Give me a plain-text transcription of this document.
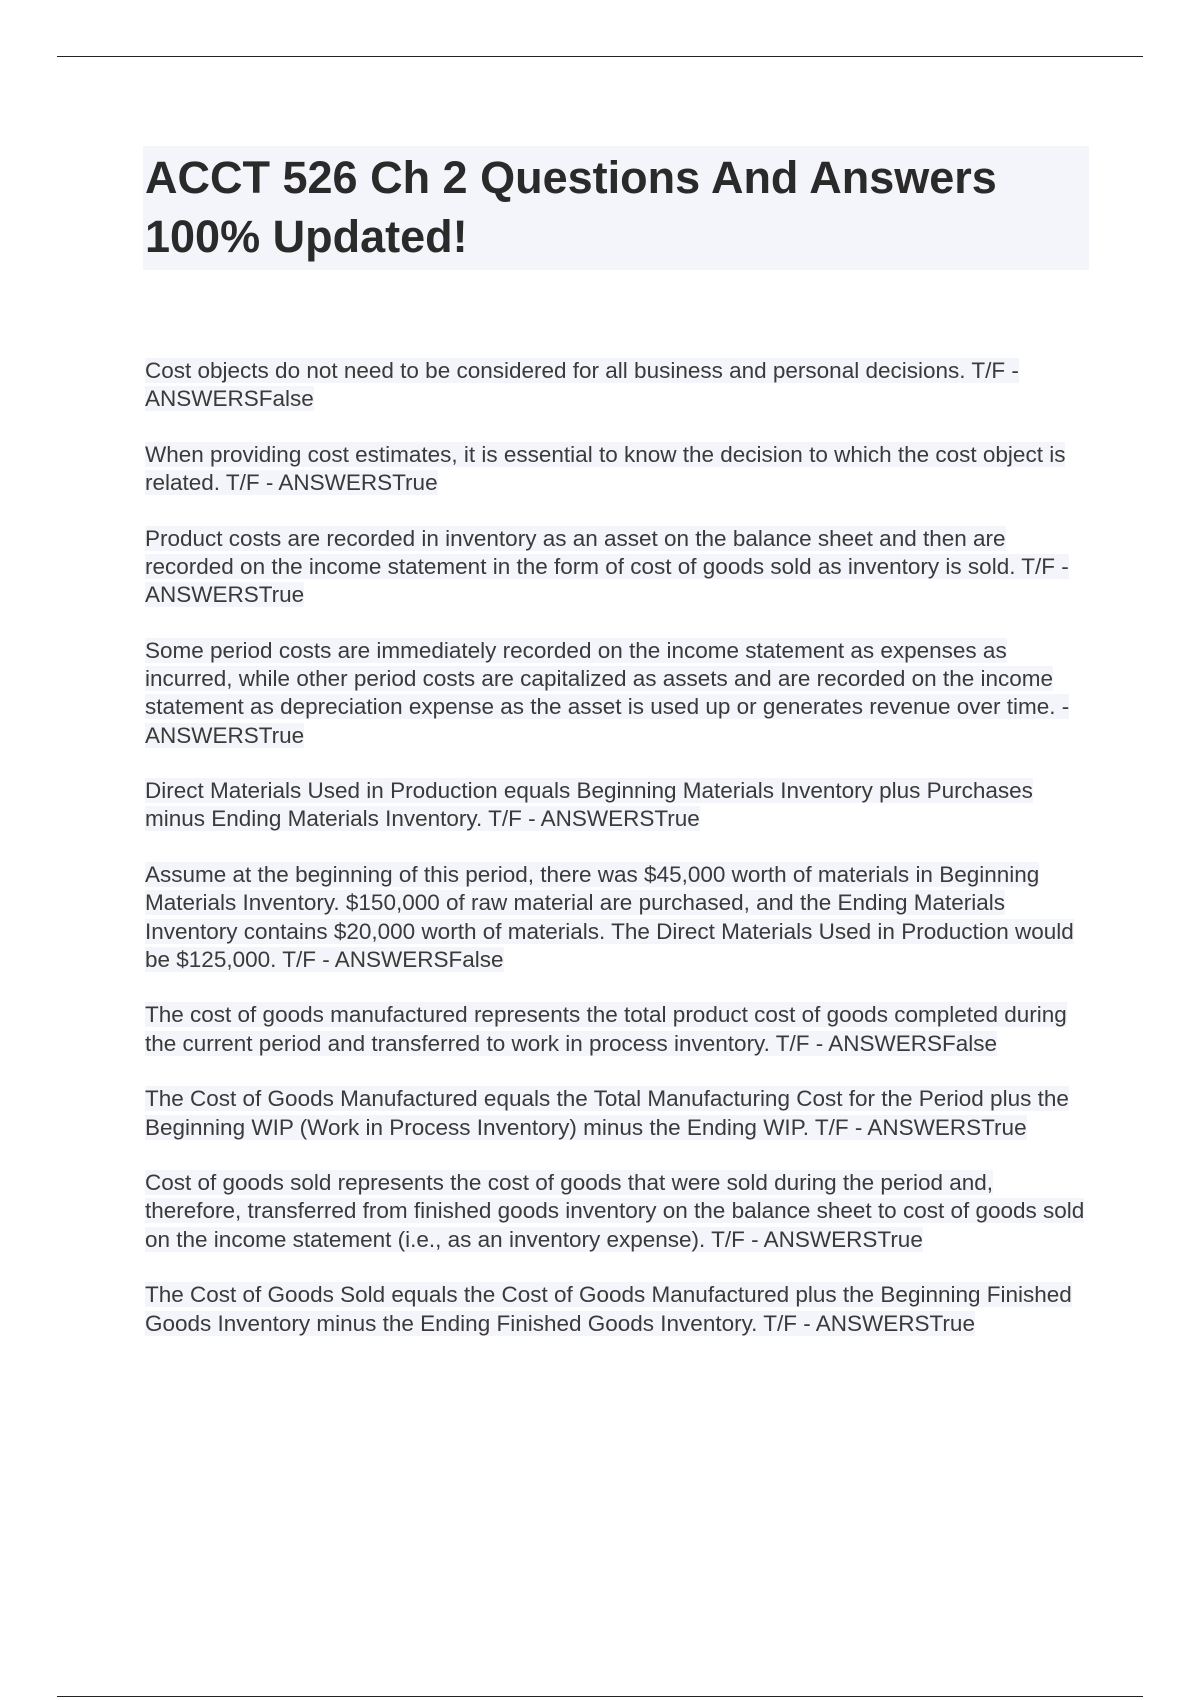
ACCT 526 Ch 2 Questions And Answers 100% Updated!

Cost objects do not need to be considered for all business and personal decisions. T/F - ANSWERSFalse

When providing cost estimates, it is essential to know the decision to which the cost object is related. T/F - ANSWERSTrue

Product costs are recorded in inventory as an asset on the balance sheet and then are recorded on the income statement in the form of cost of goods sold as inventory is sold. T/F - ANSWERSTrue

Some period costs are immediately recorded on the income statement as expenses as incurred, while other period costs are capitalized as assets and are recorded on the income statement as depreciation expense as the asset is used up or generates revenue over time. - ANSWERSTrue

Direct Materials Used in Production equals Beginning Materials Inventory plus Purchases minus Ending Materials Inventory. T/F - ANSWERSTrue

Assume at the beginning of this period, there was $45,000 worth of materials in Beginning Materials Inventory. $150,000 of raw material are purchased, and the Ending Materials Inventory contains $20,000 worth of materials. The Direct Materials Used in Production would be $125,000. T/F - ANSWERSFalse

The cost of goods manufactured represents the total product cost of goods completed during the current period and transferred to work in process inventory. T/F - ANSWERSFalse

The Cost of Goods Manufactured equals the Total Manufacturing Cost for the Period plus the Beginning WIP (Work in Process Inventory) minus the Ending WIP. T/F - ANSWERSTrue

Cost of goods sold represents the cost of goods that were sold during the period and, therefore, transferred from finished goods inventory on the balance sheet to cost of goods sold on the income statement (i.e., as an inventory expense). T/F - ANSWERSTrue

The Cost of Goods Sold equals the Cost of Goods Manufactured plus the Beginning Finished Goods Inventory minus the Ending Finished Goods Inventory. T/F - ANSWERSTrue
